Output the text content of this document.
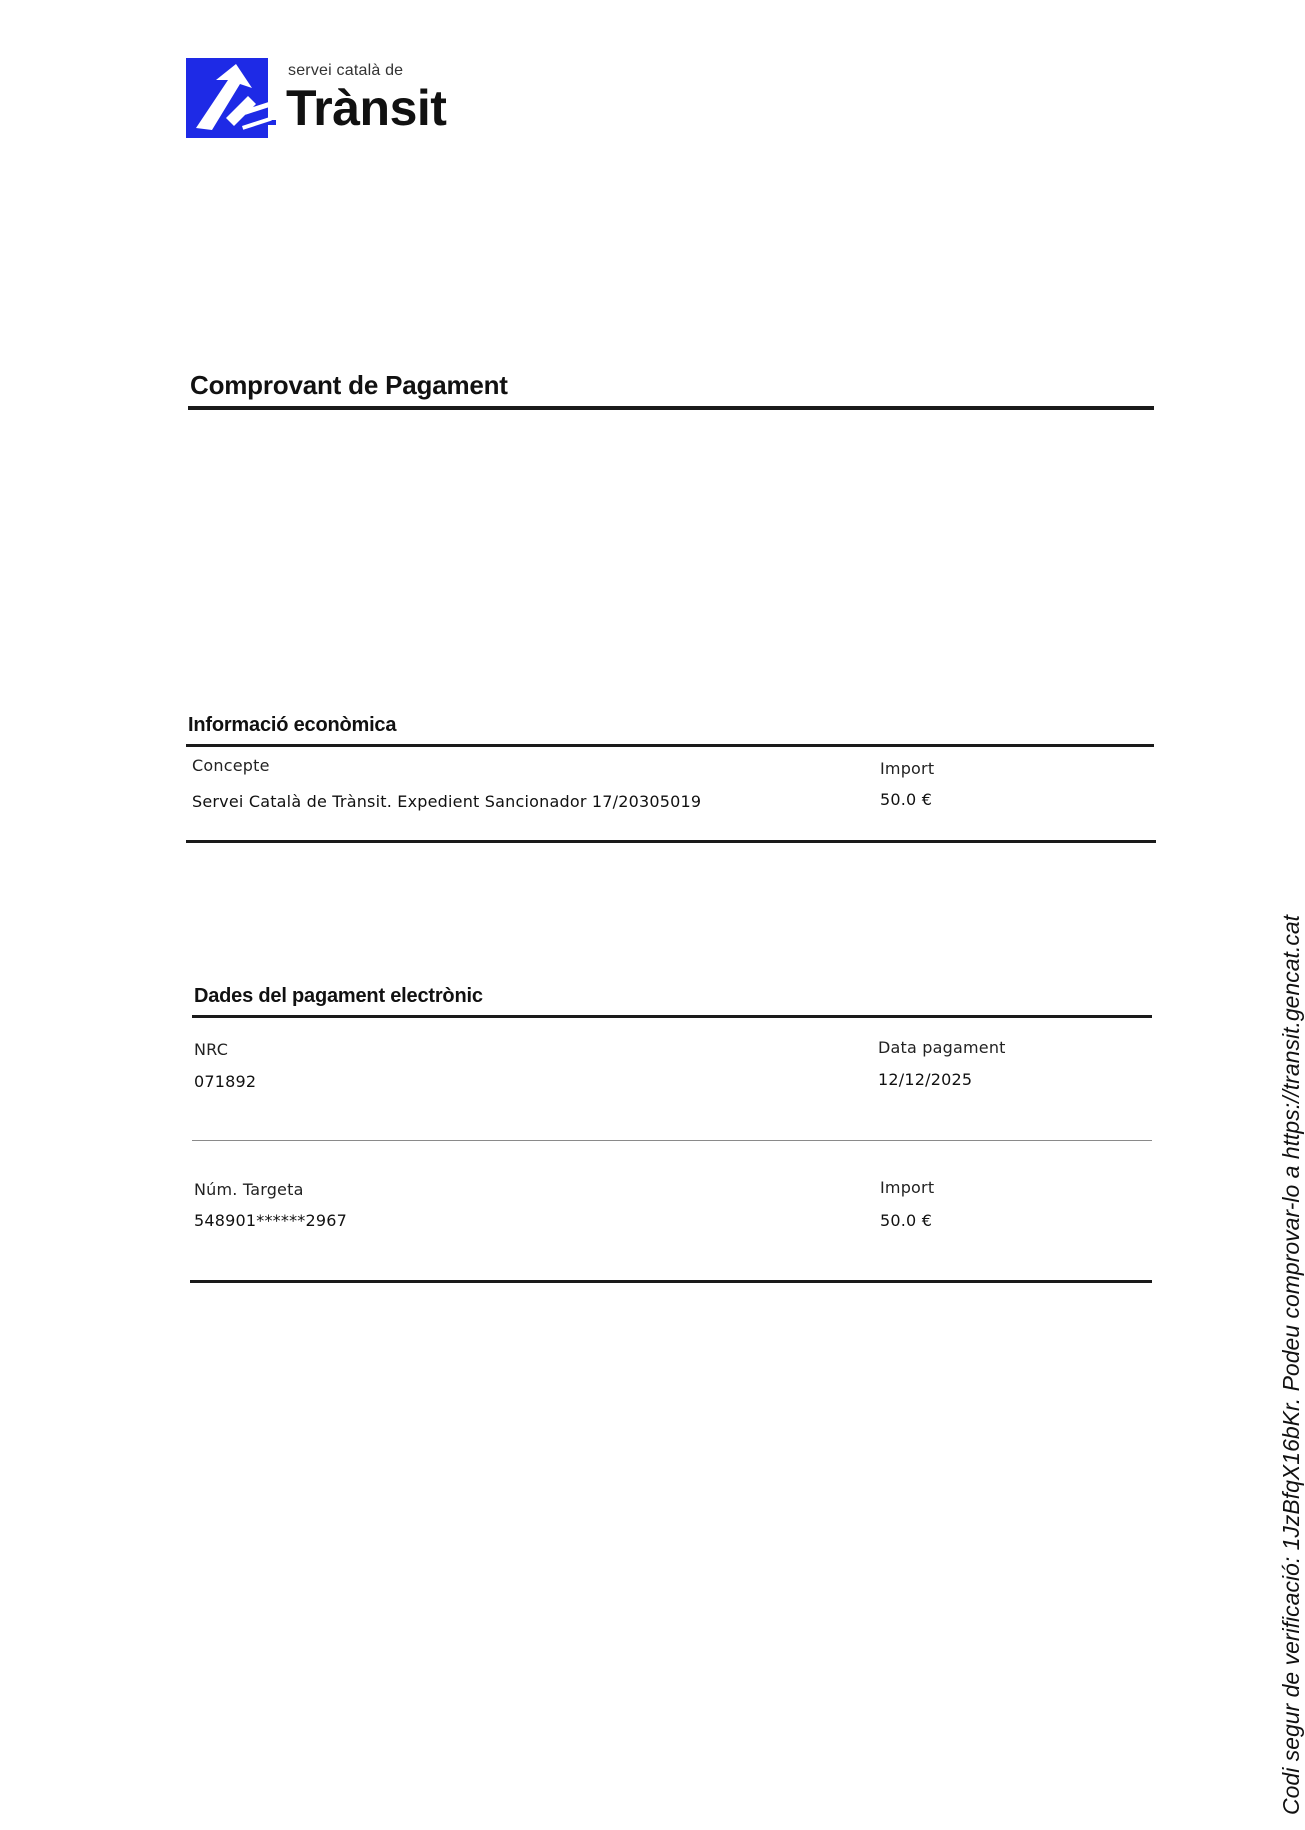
servei català de
Trànsit
Comprovant de Pagament
Informació econòmica
Concepte
Servei Català de Trànsit. Expedient Sancionador 17/20305019
Import
50.0 €
Dades del pagament electrònic
NRC
071892
Data pagament
12/12/2025
Núm. Targeta
548901******2967
Import
50.0 €	Codi segur de verificació: 1JzBfqX16bKr. Podeu comprovar-lo a https://transit.gencat.cat
